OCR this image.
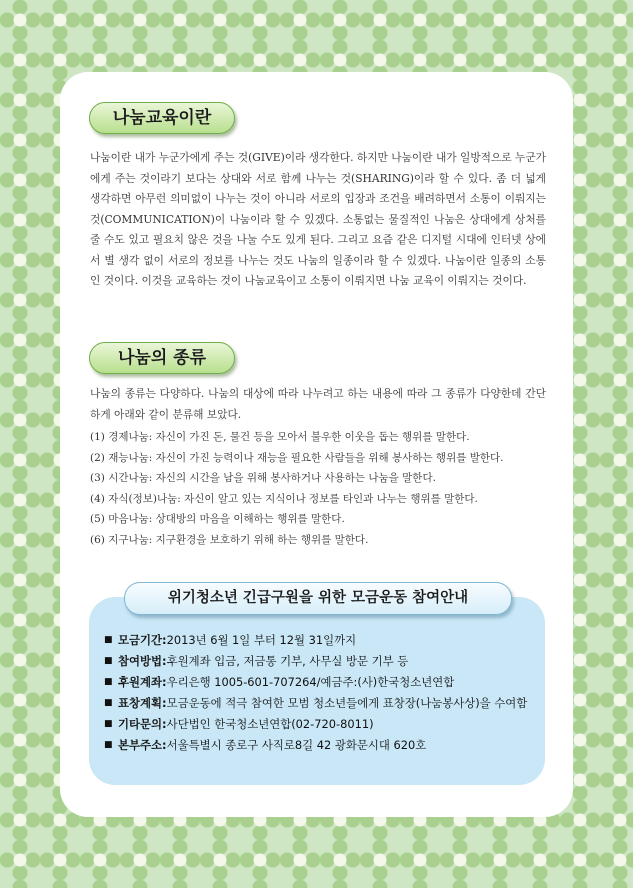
나눔교육이란

나눔이란 내가 누군가에게 주는 것(GIVE)이라 생각한다. 하지만 나눔이란 내가 일방적으로 누군가에게 주는 것이라기 보다는 상대와 서로 함께 나누는 것(SHARING)이라 할 수 있다. 좀 더 넓게 생각하면 아무런 의미없이 나누는 것이 아니라 서로의 입장과 조건을 배려하면서 소통이 이뤄지는 것(COMMUNICATION)이 나눔이라 할 수 있겠다. 소통없는 물질적인 나눔은 상대에게 상처를 줄 수도 있고 필요치 않은 것을 나눌 수도 있게 된다. 그리고 요즘 같은 디지털 시대에 인터넷 상에서 별 생각 없이 서로의 정보를 나누는 것도 나눔의 일종이라 할 수 있겠다. 나눔이란 일종의 소통인 것이다. 이것을 교육하는 것이 나눔교육이고 소통이 이뤄지면 나눔 교육이 이뤄지는 것이다.

나눔의 종류

나눔의 종류는 다양하다. 나눔의 대상에 따라 나누려고 하는 내용에 따라 그 종류가 다양한데 간단하게 아래와 같이 분류해 보았다.

(1) 경제나눔: 자신이 가진 돈, 물건 등을 모아서 불우한 이웃을 돕는 행위를 말한다.
(2) 재능나눔: 자신이 가진 능력이나 재능을 필요한 사람들을 위해 봉사하는 행위를 발한다.
(3) 시간나눔: 자신의 시간을 남을 위해 봉사하거나 사용하는 나눔을 말한다.
(4) 자식(정보)나눔: 자신이 알고 있는 지식이나 정보를 타인과 나누는 행위를 말한다.
(5) 마음나눔: 상대방의 마음을 이해하는 행위를 말한다.
(6) 지구나눔: 지구환경을 보호하기 위해 하는 행위를 말한다.
위기청소년 긴급구원을 위한 모금운동 참여안내
■ 모금기간: 2013년 6월 1일 부터 12월 31일까지
■ 참여방법: 후원계좌 입금, 저금통 기부, 사무실 방문 기부 등
■ 후원계좌: 우리은행 1005-601-707264/예금주:(사)한국청소년연합
■ 표창계획: 모금운동에 적극 참여한 모범 청소년들에게 표창장(나눔봉사상)을 수여함
■ 기타문의: 사단법인 한국청소년연합(02-720-8011)
■ 본부주소: 서울특별시 종로구 사직로8길 42 광화문시대 620호
